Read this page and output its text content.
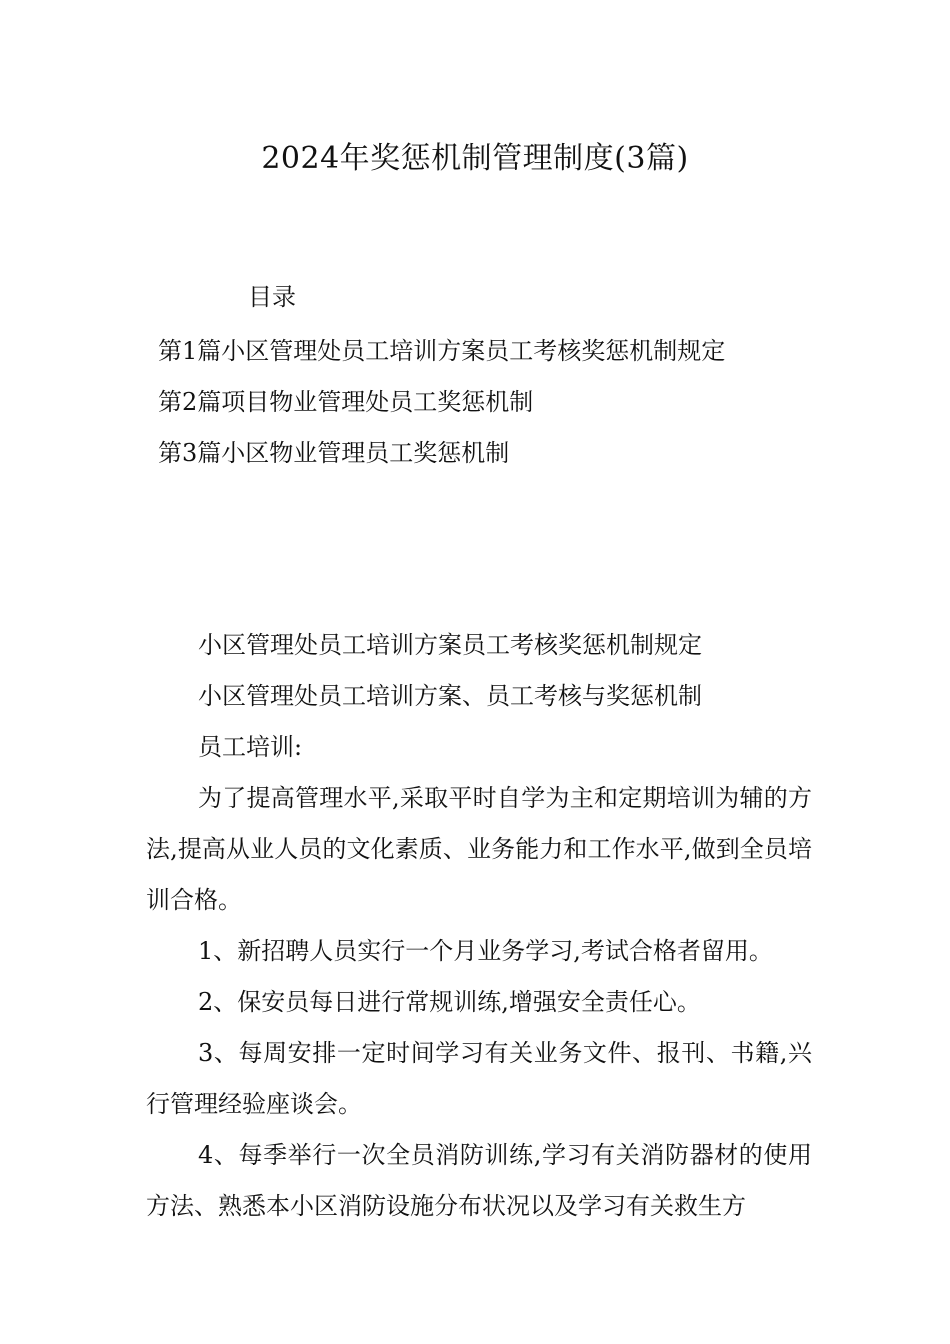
2024年奖惩机制管理制度(3篇)
目录
第1篇小区管理处员工培训方案员工考核奖惩机制规定
第2篇项目物业管理处员工奖惩机制
第3篇小区物业管理员工奖惩机制
小区管理处员工培训方案员工考核奖惩机制规定
小区管理处员工培训方案、员工考核与奖惩机制
员工培训:

为了提高管理水平,采取平时自学为主和定期培训为辅的方法,提高从业人员的文化素质、业务能力和工作水平,做到全员培训合格。

1、新招聘人员实行一个月业务学习,考试合格者留用。

2、保安员每日进行常规训练,增强安全责任心。

3、每周安排一定时间学习有关业务文件、报刊、书籍,兴行管理经验座谈会。

4、每季举行一次全员消防训练,学习有关消防器材的使用方法、熟悉本小区消防设施分布状况以及学习有关救生方
